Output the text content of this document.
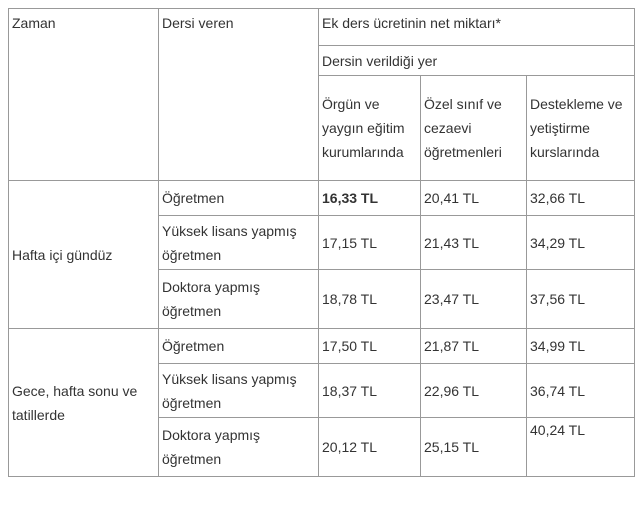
Zaman	Dersi veren	Ek ders ücretinin net miktarı*		
		Dersin verildiği yer		
		Örgün ve yaygın eğitim kurumlarında	Özel sınıf ve cezaevi öğretmenleri	Destekleme ve yetiştirme kurslarında
Hafta içi gündüz	Öğretmen	16,33 TL	20,41 TL	32,66 TL
	Yüksek lisans yapmış öğretmen	17,15 TL	21,43 TL	34,29 TL
	Doktora yapmış öğretmen	18,78 TL	23,47 TL	37,56 TL
Gece, hafta sonu ve tatillerde	Öğretmen	17,50 TL	21,87 TL	34,99 TL
	Yüksek lisans yapmış öğretmen	18,37 TL	22,96 TL	36,74 TL
	Doktora yapmış öğretmen	20,12 TL	25,15 TL	40,24 TL
